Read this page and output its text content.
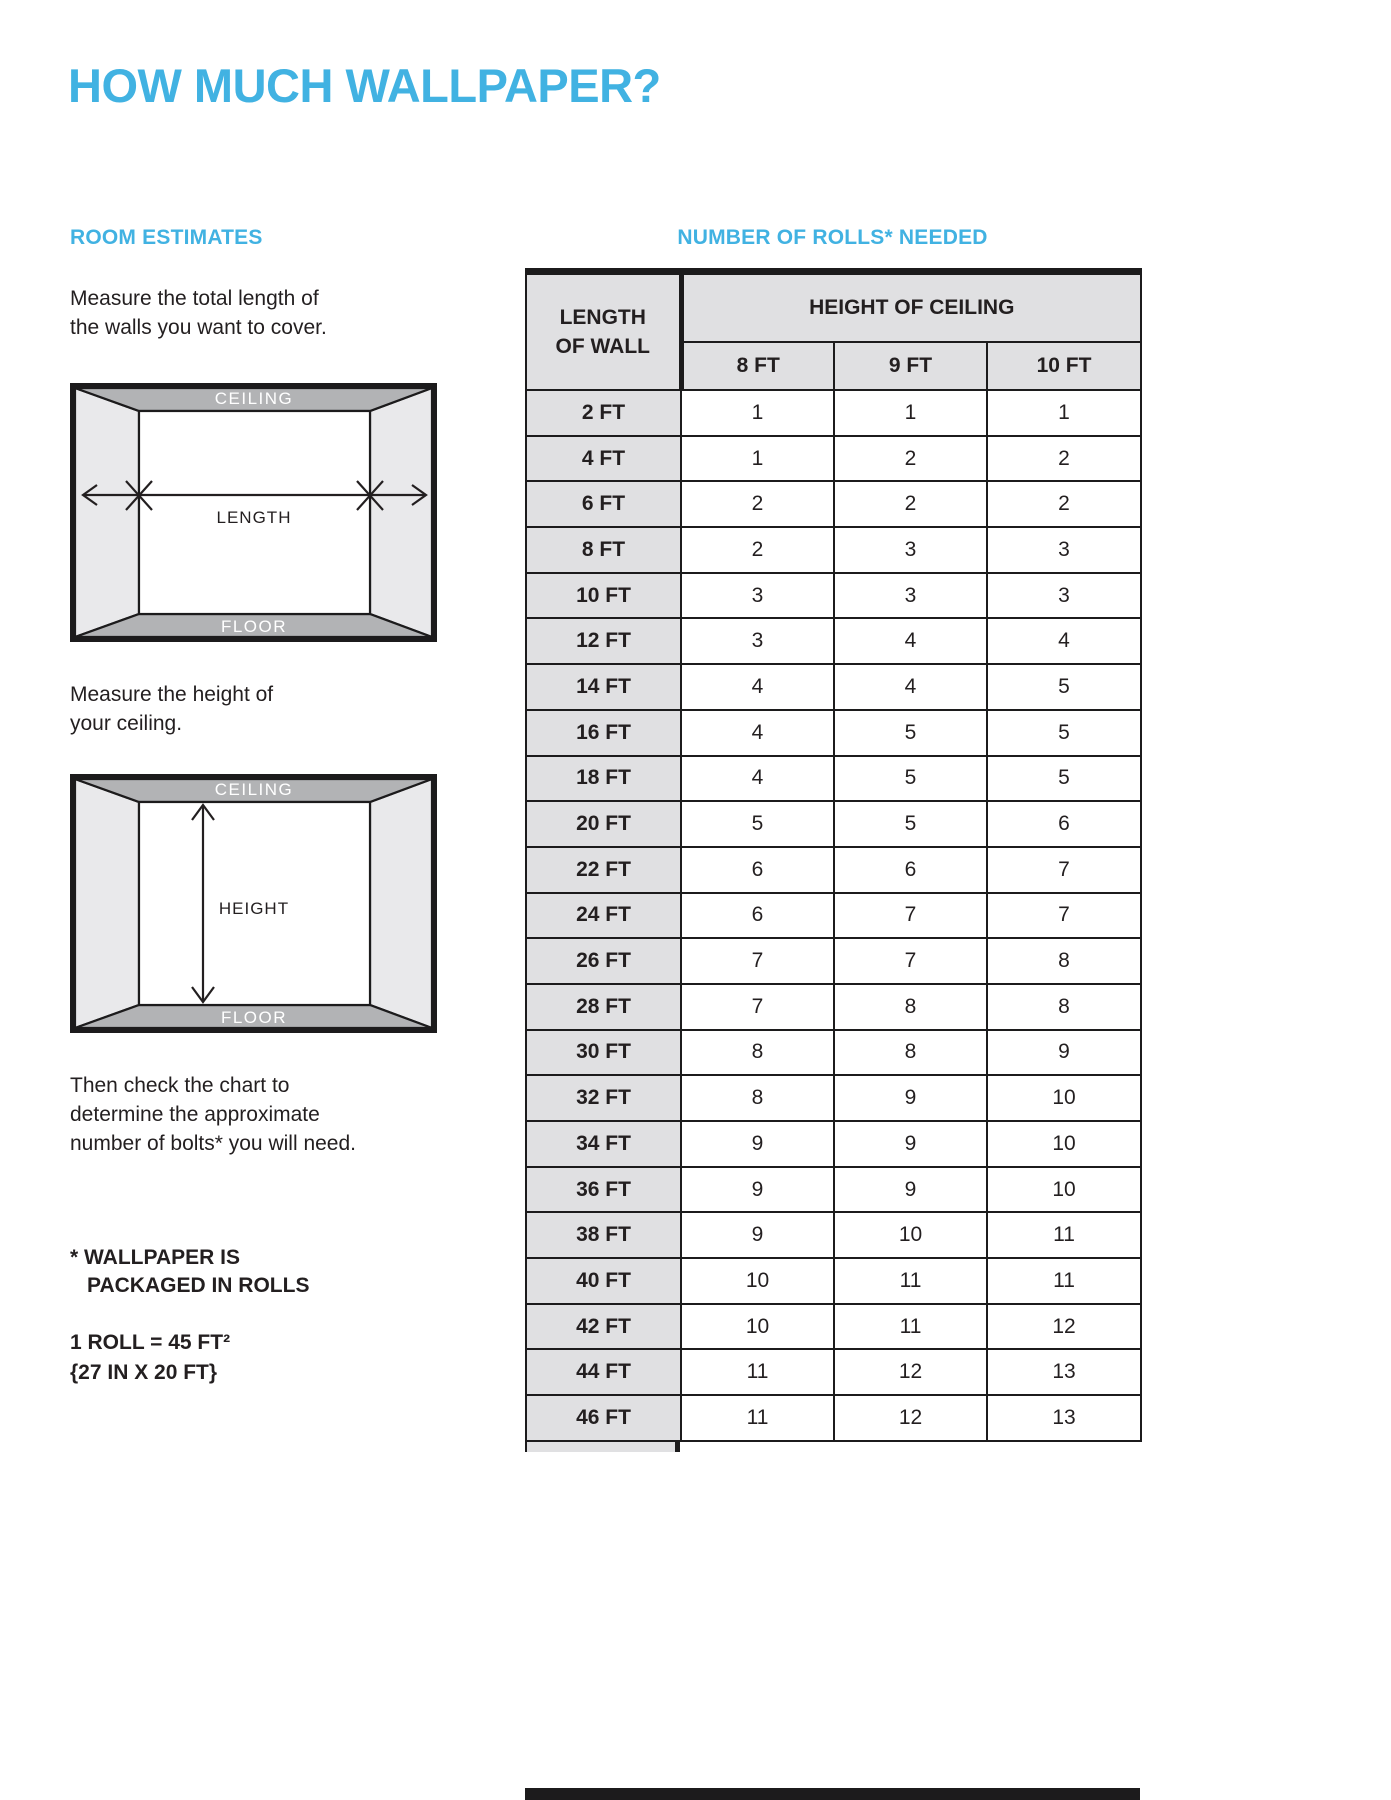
HOW MUCH WALLPAPER?
ROOM ESTIMATES

Measure the total length of
the walls you want to cover.

CEILING
FLOOR
LENGTH

Measure the height of
your ceiling.

CEILING
FLOOR
HEIGHT

Then check the chart to
determine the approximate
number of bolts* you will need.

* WALLPAPER IS
PACKAGED IN ROLLS

1 ROLL = 45 FT²
{27 IN X 20 FT}

NUMBER OF ROLLS* NEEDED
LENGTH
OF WALL	HEIGHT OF CEILING		
	8 FT	9 FT	10 FT
2 FT	1	1	1
4 FT	1	2	2
6 FT	2	2	2
8 FT	2	3	3
10 FT	3	3	3
12 FT	3	4	4
14 FT	4	4	5
16 FT	4	5	5
18 FT	4	5	5
20 FT	5	5	6
22 FT	6	6	7
24 FT	6	7	7
26 FT	7	7	8
28 FT	7	8	8
30 FT	8	8	9
32 FT	8	9	10
34 FT	9	9	10
36 FT	9	9	10
38 FT	9	10	11
40 FT	10	11	11
42 FT	10	11	12
44 FT	11	12	13
46 FT	11	12	13
